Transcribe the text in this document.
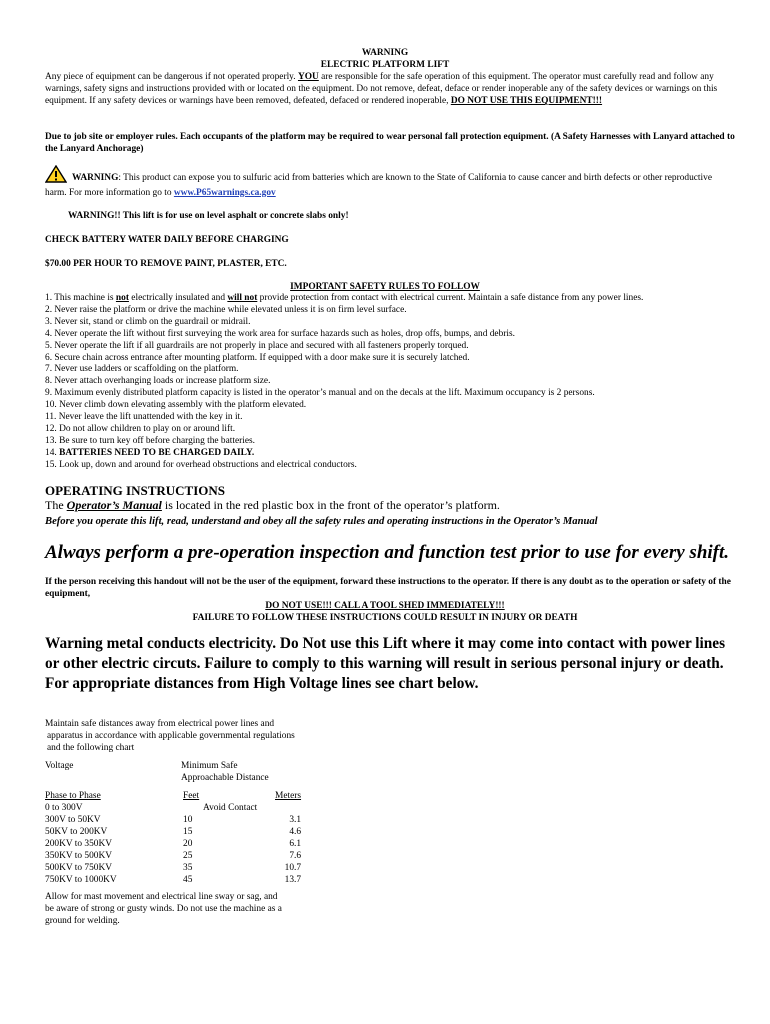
WARNING
ELECTRIC PLATFORM LIFT
Any piece of equipment can be dangerous if not operated properly. YOU are responsible for the safe operation of this equipment. The operator must carefully read and follow any warnings, safety signs and instructions provided with or located on the equipment. Do not remove, defeat, deface or render inoperable any of the safety devices or warnings on this equipment. If any safety devices or warnings have been removed, defeated, defaced or rendered inoperable, DO NOT USE THIS EQUIPMENT!!!
Due to job site or employer rules. Each occupants of the platform may be required to wear personal fall protection equipment. (A Safety Harnesses with Lanyard attached to the Lanyard Anchorage)
WARNING: This product can expose you to sulfuric acid from batteries which are known to the State of California to cause cancer and birth defects or other reproductive harm. For more information go to www.P65warnings.ca.gov
WARNING!! This lift is for use on level asphalt or concrete slabs only!
CHECK BATTERY WATER DAILY BEFORE CHARGING
$70.00 PER HOUR TO REMOVE PAINT, PLASTER, ETC.
IMPORTANT SAFETY RULES TO FOLLOW
1. This machine is not electrically insulated and will not provide protection from contact with electrical current. Maintain a safe distance from any power lines.
2. Never raise the platform or drive the machine while elevated unless it is on firm level surface.
3. Never sit, stand or climb on the guardrail or midrail.
4. Never operate the lift without first surveying the work area for surface hazards such as holes, drop offs, bumps, and debris.
5. Never operate the lift if all guardrails are not properly in place and secured with all fasteners properly torqued.
6. Secure chain across entrance after mounting platform. If equipped with a door make sure it is securely latched.
7. Never use ladders or scaffolding on the platform.
8. Never attach overhanging loads or increase platform size.
9. Maximum evenly distributed platform capacity is listed in the operator’s manual and on the decals at the lift. Maximum occupancy is 2 persons.
10. Never climb down elevating assembly with the platform elevated.
11. Never leave the lift unattended with the key in it.
12. Do not allow children to play on or around lift.
13. Be sure to turn key off before charging the batteries.
14. BATTERIES NEED TO BE CHARGED DAILY.
15. Look up, down and around for overhead obstructions and electrical conductors.
OPERATING INSTRUCTIONS
The Operator’s Manual is located in the red plastic box in the front of the operator’s platform.
Before you operate this lift, read, understand and obey all the safety rules and operating instructions in the Operator’s Manual
Always perform a pre-operation inspection and function test prior to use for every shift.
If the person receiving this handout will not be the user of the equipment, forward these instructions to the operator. If there is any doubt as to the operation or safety of the equipment,
DO NOT USE!!! CALL A TOOL SHED IMMEDIATELY!!!
FAILURE TO FOLLOW THESE INSTRUCTIONS COULD RESULT IN INJURY OR DEATH
Warning metal conducts electricity. Do Not use this Lift where it may come into contact with power lines
or other electric circuts. Failure to comply to this warning will result in serious personal injury or death.
For appropriate distances from High Voltage lines see chart below.
Maintain safe distances away from electrical power lines and
apparatus in accordance with applicable governmental regulations
and the following chart
Voltage	Minimum Safe
Approachable Distance
Phase to Phase	Feet	Meters
0 to 300V	Avoid Contact	
300V to 50KV	10	3.1
50KV to 200KV	15	4.6
200KV to 350KV	20	6.1
350KV to 500KV	25	7.6
500KV to 750KV	35	10.7
750KV to 1000KV	45	13.7
Allow for mast movement and electrical line sway or sag, and
be aware of strong or gusty winds. Do not use the machine as a
ground for welding.
